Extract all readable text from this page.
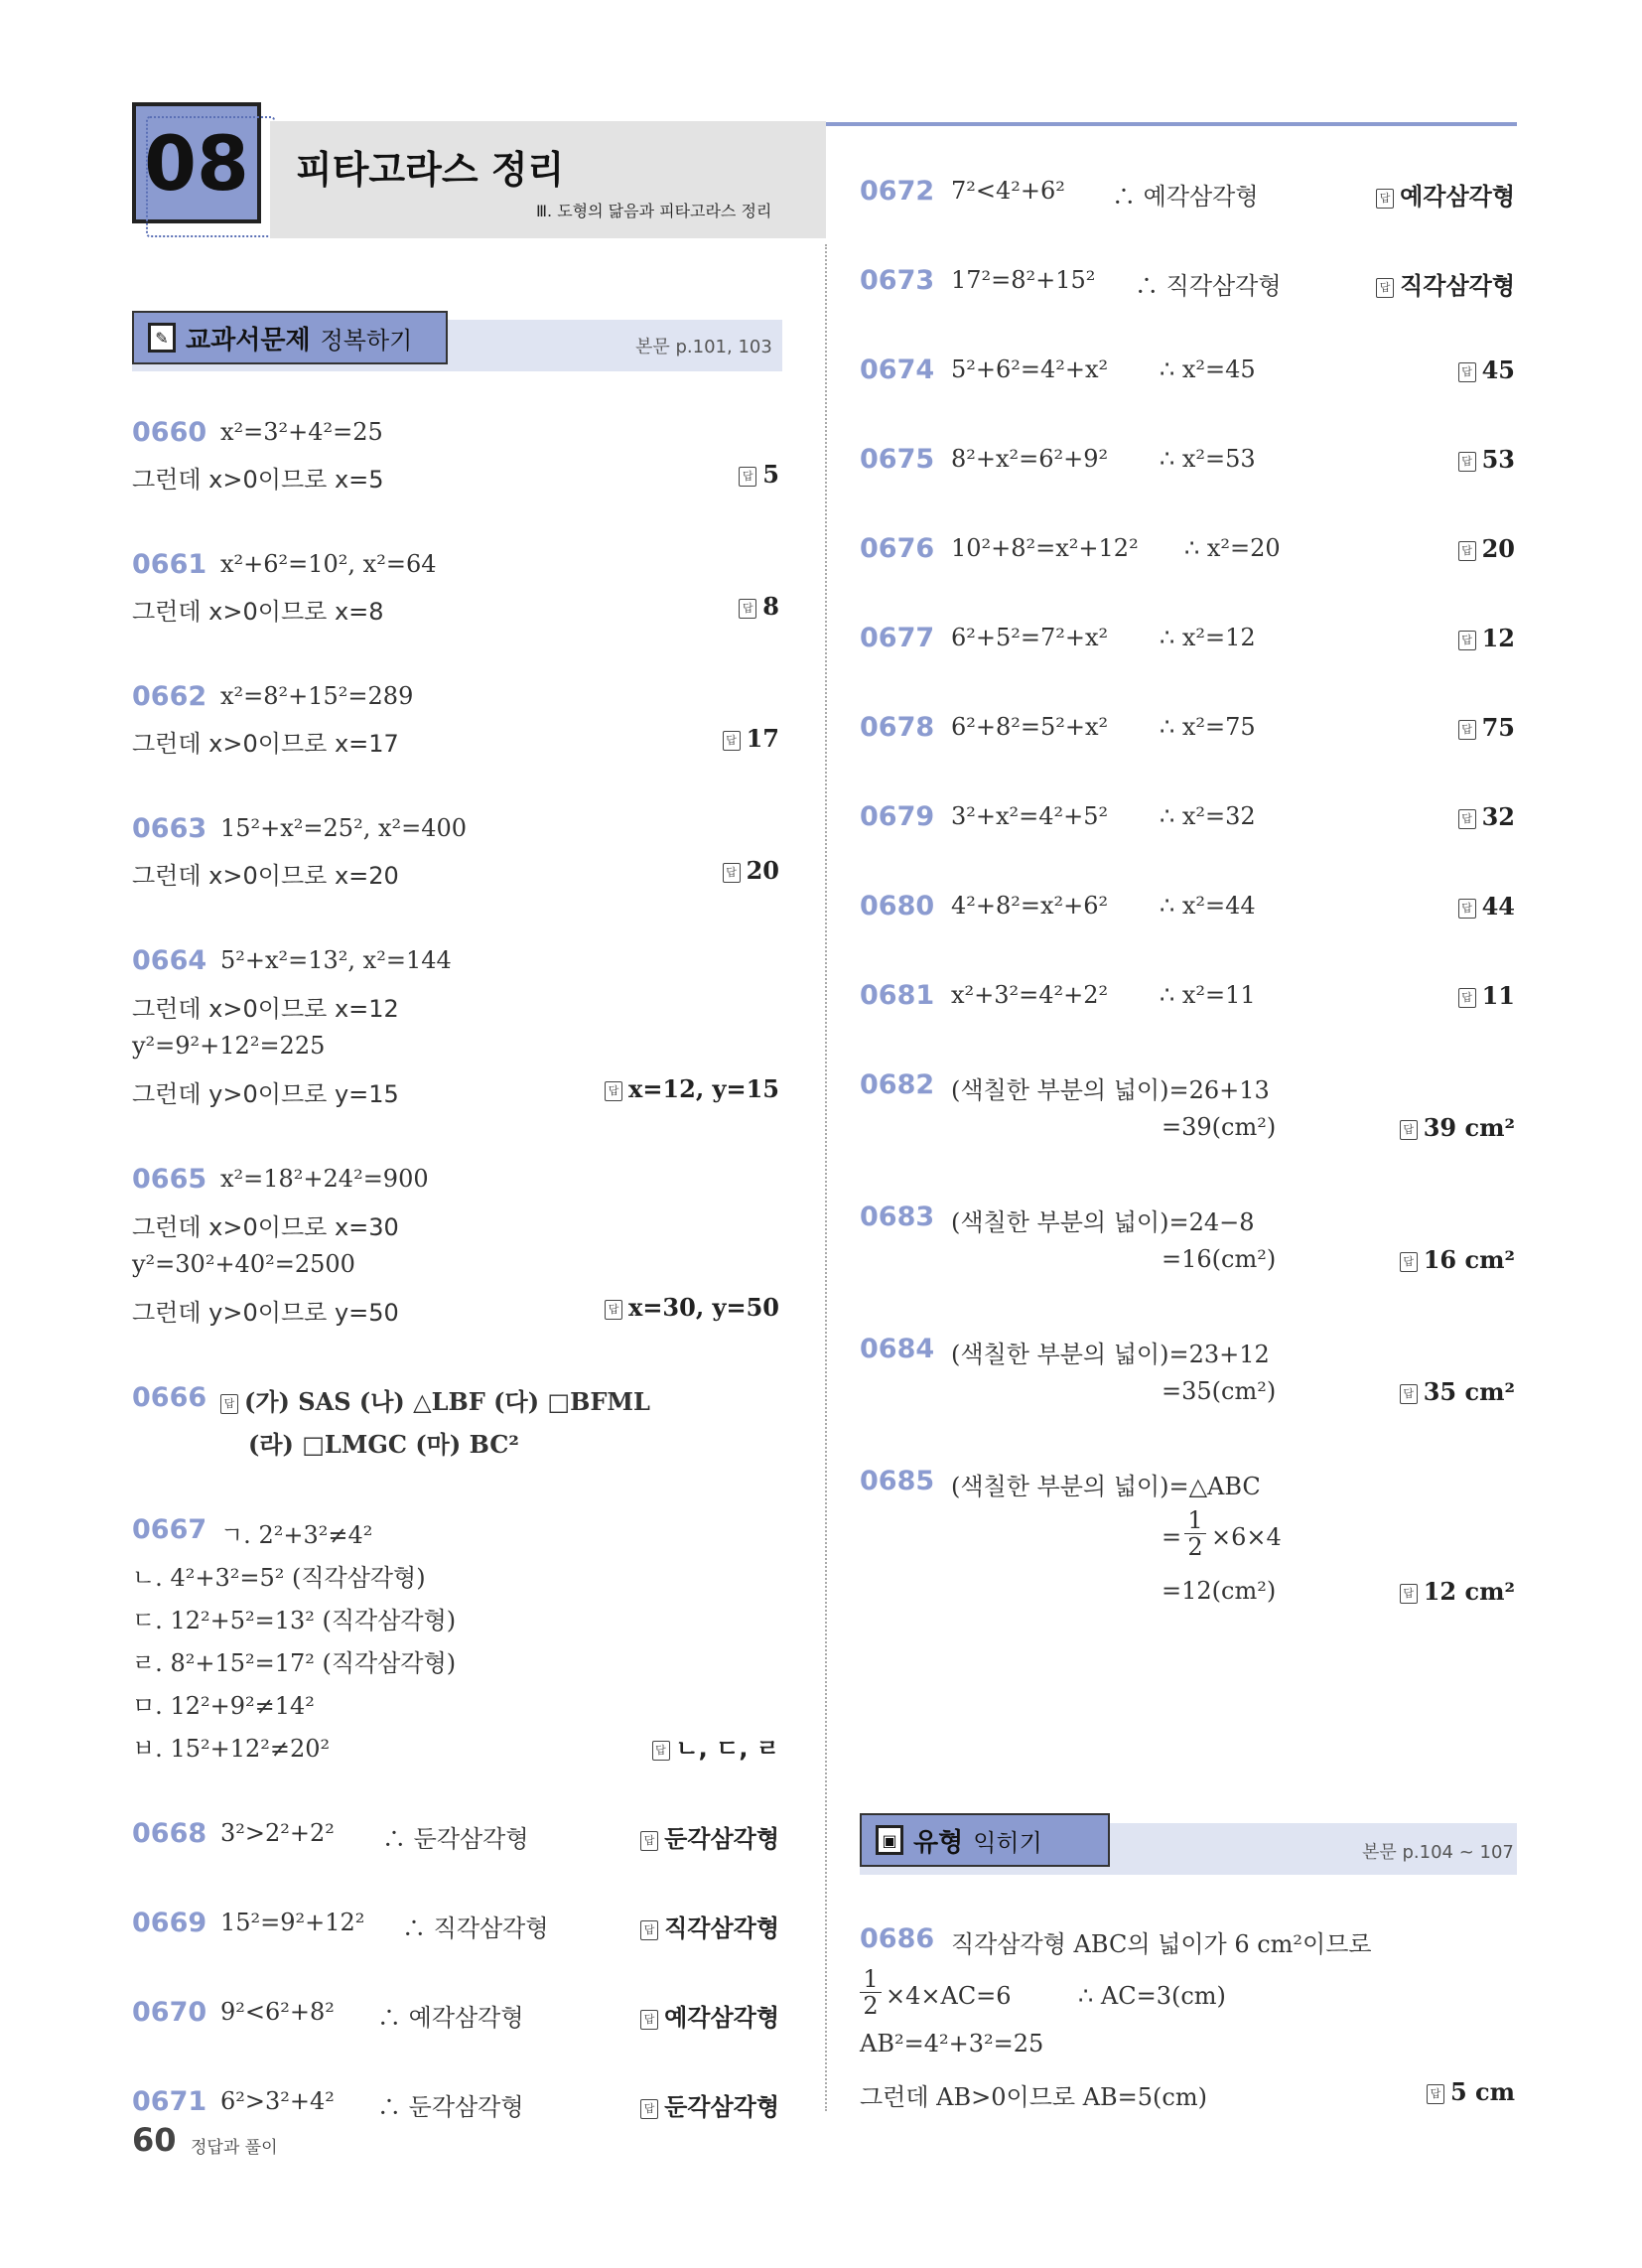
08	피타고라스 정리
Ⅲ. 도형의 닮음과 피타고라스 정리
✎ 교과서문제 정복하기	본문 p.101, 103
0660 x²=3²+4²=25
그런데 x>0이므로 x=5	답 5
0661 x²+6²=10², x²=64
그런데 x>0이므로 x=8	답 8
0662 x²=8²+15²=289
그런데 x>0이므로 x=17	답 17
0663 15²+x²=25², x²=400
그런데 x>0이므로 x=20	답 20
0664 5²+x²=13², x²=144
그런데 x>0이므로 x=12
y²=9²+12²=225
그런데 y>0이므로 y=15	답 x=12, y=15
0665 x²=18²+24²=900
그런데 x>0이므로 x=30
y²=30²+40²=2500
그런데 y>0이므로 y=50	답 x=30, y=50
0666	답 (가) SAS (나) △LBF (다) □BFML
(라) □LMGC (마) BC²
0667 ㄱ. 2²+3²≠4²
ㄴ. 4²+3²=5² (직각삼각형)
ㄷ. 12²+5²=13² (직각삼각형)
ㄹ. 8²+15²=17² (직각삼각형)
ㅁ. 12²+9²≠14²
ㅂ. 15²+12²≠20²	답 ㄴ, ㄷ, ㄹ
0668 3²>2²+2² ∴ 둔각삼각형	답 둔각삼각형
0669 15²=9²+12² ∴ 직각삼각형	답 직각삼각형
0670 9²<6²+8² ∴ 예각삼각형	답 예각삼각형
0671 6²>3²+4² ∴ 둔각삼각형	답 둔각삼각형
0672 7²<4²+6² ∴ 예각삼각형	답 예각삼각형
0673 17²=8²+15² ∴ 직각삼각형	답 직각삼각형
0674 5²+6²=4²+x² ∴ x²=45	답 45
0675 8²+x²=6²+9² ∴ x²=53	답 53
0676 10²+8²=x²+12² ∴ x²=20	답 20
0677 6²+5²=7²+x² ∴ x²=12	답 12
0678 6²+8²=5²+x² ∴ x²=75	답 75
0679 3²+x²=4²+5² ∴ x²=32	답 32
0680 4²+8²=x²+6² ∴ x²=44	답 44
0681 x²+3²=4²+2² ∴ x²=11	답 11
0682 (색칠한 부분의 넓이)=26+13
=39(cm²)	답 39 cm²
0683 (색칠한 부분의 넓이)=24−8
=16(cm²)	답 16 cm²
0684 (색칠한 부분의 넓이)=23+12
=35(cm²)	답 35 cm²
0685 (색칠한 부분의 넓이)=△ABC
= $\frac{1}{2} \times 6\times 4$
=12(cm²)	답 12 cm²
▣ 유형 익히기	본문 p.104 ~ 107
0686 직각삼각형 ABC의 넓이가 6 cm²이므로
$\frac{1}{2} \times 4\times AC=6$	∴ AC=3(cm)
AB²=4²+3²=25
그런데 AB>0이므로 AB=5(cm)	답 5 cm
60 정답과 풀이
